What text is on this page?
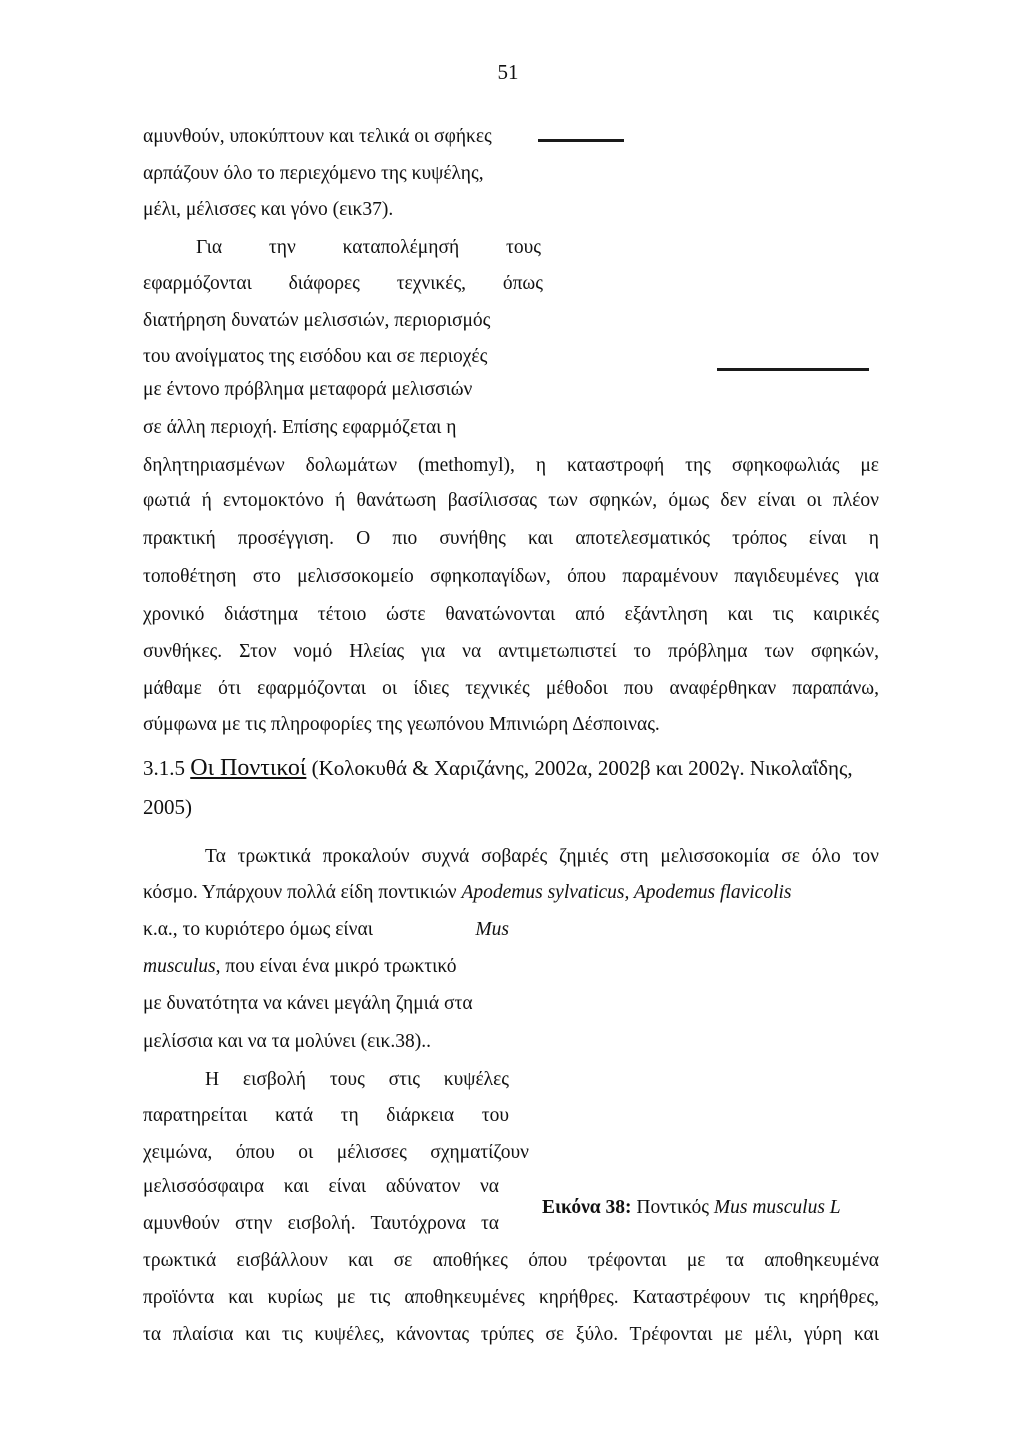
51
αμυνθούν, υποκύπτουν και τελικά οι σφήκες
αρπάζουν όλο το περιεχόμενο της κυψέλης,
μέλι, μέλισσες και γόνο (εικ37).
Για την καταπολέμησή τους
εφαρμόζονται διάφορες τεχνικές, όπως
διατήρηση δυνατών μελισσιών, περιορισμός
του ανοίγματος της εισόδου και σε περιοχές
με έντονο πρόβλημα μεταφορά μελισσιών
σε άλλη περιοχή. Επίσης εφαρμόζεται η
δηλητηριασμένων δολωμάτων (methomyl), η καταστροφή της σφηκοφωλιάς με
φωτιά ή εντομοκτόνο ή θανάτωση βασίλισσας των σφηκών, όμως δεν είναι οι πλέον
πρακτική προσέγγιση. Ο πιο συνήθης και αποτελεσματικός τρόπος είναι η
τοποθέτηση στο μελισσοκομείο σφηκοπαγίδων, όπου παραμένουν παγιδευμένες για
χρονικό διάστημα τέτοιο ώστε θανατώνονται από εξάντληση και τις καιρικές
συνθήκες. Στον νομό Ηλείας για να αντιμετωπιστεί το πρόβλημα των σφηκών,
μάθαμε ότι εφαρμόζονται οι ίδιες τεχνικές μέθοδοι που αναφέρθηκαν παραπάνω,
σύμφωνα με τις πληροφορίες της γεωπόνου Μπινιώρη Δέσποινας.
3.1.5 Οι Ποντικοί (Κολοκυθά & Χαριζάνης, 2002α, 2002β και 2002γ. Νικολαΐδης,
2005)
Τα τρωκτικά προκαλούν συχνά σοβαρές ζημιές στη μελισσοκομία σε όλο τον
κόσμο. Υπάρχουν πολλά είδη ποντικιών Apodemus sylvaticus, Apodemus flavicolis
κ.α., το κυριότερο όμως είναι	Mus
musculus, που είναι ένα μικρό τρωκτικό
με δυνατότητα να κάνει μεγάλη ζημιά στα
μελίσσια και να τα μολύνει (εικ.38)..
Η εισβολή τους στις κυψέλες
παρατηρείται κατά τη διάρκεια του
χειμώνα, όπου οι μέλισσες σχηματίζουν
μελισσόσφαιρα και είναι αδύνατον να
αμυνθούν στην εισβολή. Ταυτόχρονα τα
Εικόνα 38: Ποντικός Mus musculus L
τρωκτικά εισβάλλουν και σε αποθήκες όπου τρέφονται με τα αποθηκευμένα
προϊόντα και κυρίως με τις αποθηκευμένες κηρήθρες. Καταστρέφουν τις κηρήθρες,
τα πλαίσια και τις κυψέλες, κάνοντας τρύπες σε ξύλο. Τρέφονται με μέλι, γύρη και
